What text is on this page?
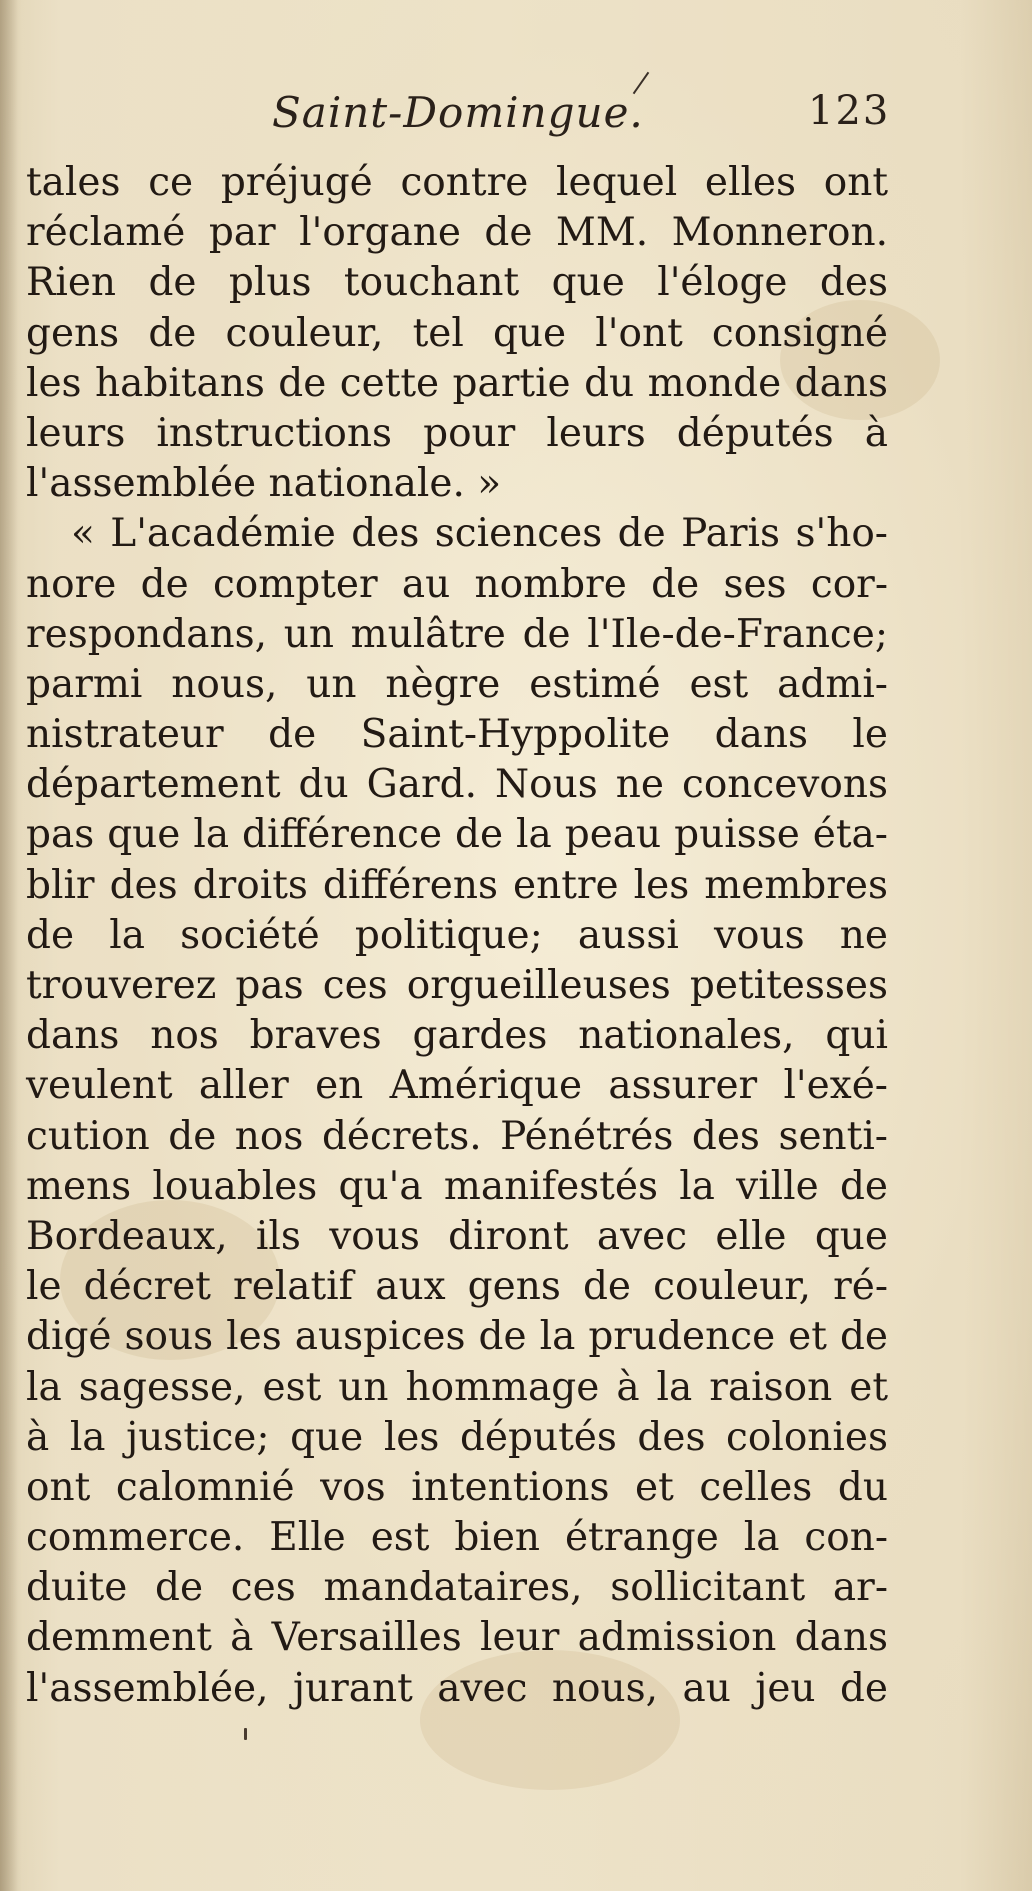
Saint-Domingue.	123
tales ce préjugé contre lequel elles ont
réclamé par l'organe de MM. Monneron.
Rien de plus touchant que l'éloge des
gens de couleur, tel que l'ont consigné
les habitans de cette partie du monde dans
leurs instructions pour leurs députés à
l'assemblée nationale. »
« L'académie des sciences de Paris s'ho-
nore de compter au nombre de ses cor-
respondans, un mulâtre de l'Ile-de-France;
parmi nous, un nègre estimé est admi-
nistrateur de Saint-Hyppolite dans le
département du Gard. Nous ne concevons
pas que la différence de la peau puisse éta-
blir des droits différens entre les membres
de la société politique; aussi vous ne
trouverez pas ces orgueilleuses petitesses
dans nos braves gardes nationales, qui
veulent aller en Amérique assurer l'exé-
cution de nos décrets. Pénétrés des senti-
mens louables qu'a manifestés la ville de
Bordeaux, ils vous diront avec elle que
le décret relatif aux gens de couleur, ré-
digé sous les auspices de la prudence et de
la sagesse, est un hommage à la raison et
à la justice; que les députés des colonies
ont calomnié vos intentions et celles du
commerce. Elle est bien étrange la con-
duite de ces mandataires, sollicitant ar-
demment à Versailles leur admission dans
l'assemblée, jurant avec nous, au jeu de
